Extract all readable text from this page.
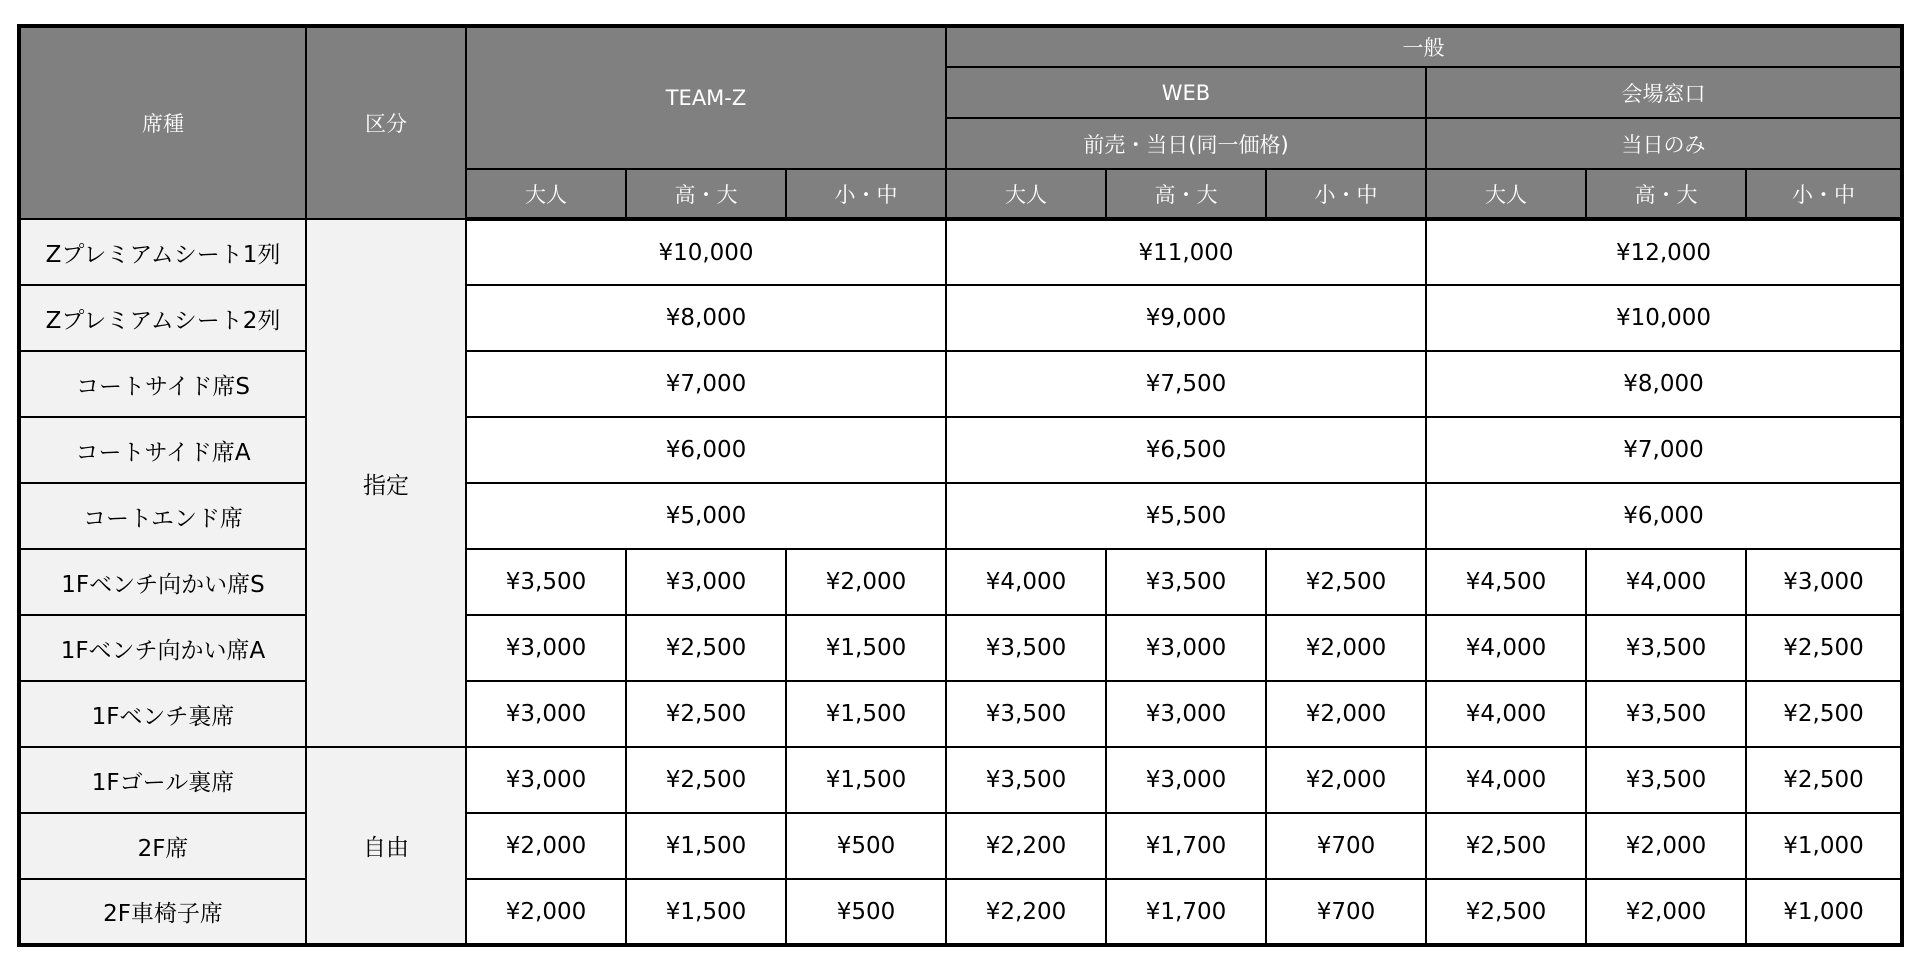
席種	区分	TEAM-Z			一般					
					WEB			会場窓口		
					前売・当日(同一価格)			当日のみ		
		大人	高・大	小・中	大人	高・大	小・中	大人	高・大	小・中
Zプレミアムシート1列	指定	¥10,000			¥11,000			¥12,000		
Zプレミアムシート2列		¥8,000			¥9,000			¥10,000		
コートサイド席S		¥7,000			¥7,500			¥8,000		
コートサイド席A		¥6,000			¥6,500			¥7,000		
コートエンド席		¥5,000			¥5,500			¥6,000		
1Fベンチ向かい席S		¥3,500	¥3,000	¥2,000	¥4,000	¥3,500	¥2,500	¥4,500	¥4,000	¥3,000
1Fベンチ向かい席A		¥3,000	¥2,500	¥1,500	¥3,500	¥3,000	¥2,000	¥4,000	¥3,500	¥2,500
1Fベンチ裏席		¥3,000	¥2,500	¥1,500	¥3,500	¥3,000	¥2,000	¥4,000	¥3,500	¥2,500
1Fゴール裏席	自由	¥3,000	¥2,500	¥1,500	¥3,500	¥3,000	¥2,000	¥4,000	¥3,500	¥2,500
2F席		¥2,000	¥1,500	¥500	¥2,200	¥1,700	¥700	¥2,500	¥2,000	¥1,000
2F車椅子席		¥2,000	¥1,500	¥500	¥2,200	¥1,700	¥700	¥2,500	¥2,000	¥1,000
